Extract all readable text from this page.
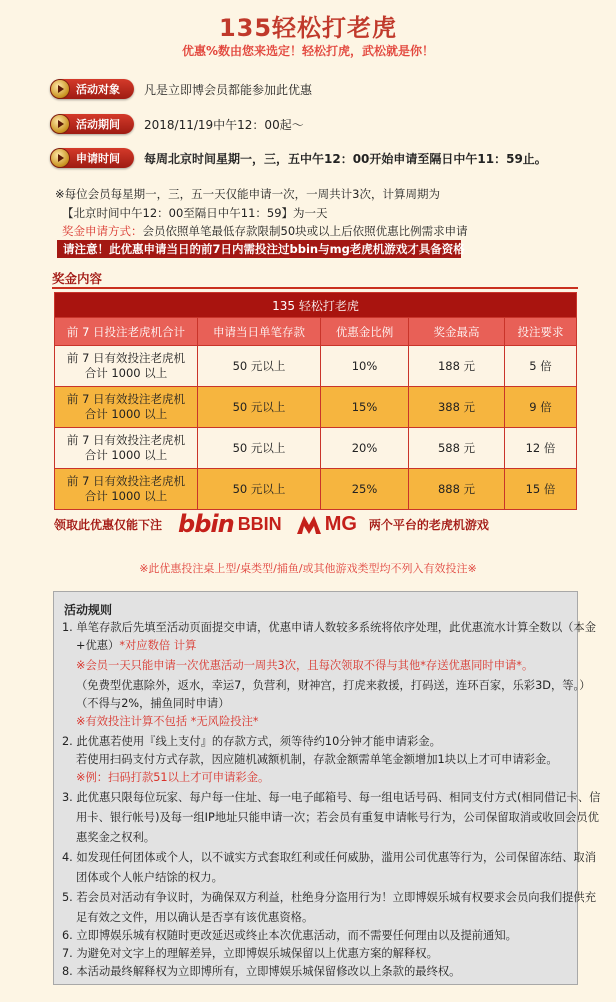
135轻松打老虎
优惠%数由您来选定！轻松打虎，武松就是你！
活动对象 凡是立即博会员都能参加此优惠
活动期间 2018/11/19中午12：00起～
申请时间 每周北京时间星期一，三，五中午12：00开始申请至隔日中午11：59止。
※每位会员每星期一，三，五一天仅能申请一次，一周共计3次，计算周期为
【北京时间中午12：00至隔日中午11：59】为一天
奖金申请方式：会员依照单笔最低存款限制50块或以上后依照优惠比例需求申请
请注意！此优惠申请当日的前7日内需投注过bbin与mg老虎机游戏才具备资格
奖金内容
135 轻松打老虎				
前 7 日投注老虎机合计	申请当日单笔存款	优惠金比例	奖金最高	投注要求
前 7 日有效投注老虎机
合计 1000 以上	50 元以上	10%	188 元	5 倍
前 7 日有效投注老虎机
合计 1000 以上	50 元以上	15%	388 元	9 倍
前 7 日有效投注老虎机
合计 1000 以上	50 元以上	20%	588 元	12 倍
前 7 日有效投注老虎机
合计 1000 以上	50 元以上	25%	888 元	15 倍
领取此优惠仅能下注 bbin BBIN MG 两个平台的老虎机游戏
※此优惠投注桌上型/桌类型/捕鱼/或其他游戏类型均不列入有效投注※
活动规则
1. 单笔存款后先填至活动页面提交申请，优惠申请人数较多系统将依序处理，此优惠流水计算全数以（本金
+优惠）*对应数倍 计算
※会员一天只能申请一次优惠活动一周共3次，且每次领取不得与其他*存送优惠同时申请*。
（免费型优惠除外，返水，幸运7，负营利，财神宫，打虎来救援，打码送，连环百家，乐彩3D，等。）
（不得与2%，捕鱼同时申请）
※有效投注计算不包括 *无风险投注*
2. 此优惠若使用『线上支付』的存款方式，须等待约10分钟才能申请彩金。
若使用扫码支付方式存款，因应随机减额机制，存款金额需单笔金额增加1块以上才可申请彩金。
※例：扫码打款51以上才可申请彩金。
3. 此优惠只限每位玩家、每户每一住址、每一电子邮箱号、每一组电话号码、相同支付方式(相同借记卡、信
用卡、银行帐号)及每一组IP地址只能申请一次；若会员有重复申请帐号行为，公司保留取消或收回会员优
惠奖金之权利。
4. 如发现任何团体或个人，以不诚实方式套取红利或任何威胁，滥用公司优惠等行为，公司保留冻结、取消
团体或个人帐户结馀的权力。
5. 若会员对活动有争议时，为确保双方利益，杜绝身分盗用行为！立即博娱乐城有权要求会员向我们提供充
足有效之文件，用以确认是否享有该优惠资格。
6. 立即博娱乐城有权随时更改延迟或终止本次优惠活动，而不需要任何理由以及提前通知。
7. 为避免对文字上的理解差异，立即博娱乐城保留以上优惠方案的解释权。
8. 本活动最终解释权为立即博所有，立即博娱乐城保留修改以上条款的最终权。
